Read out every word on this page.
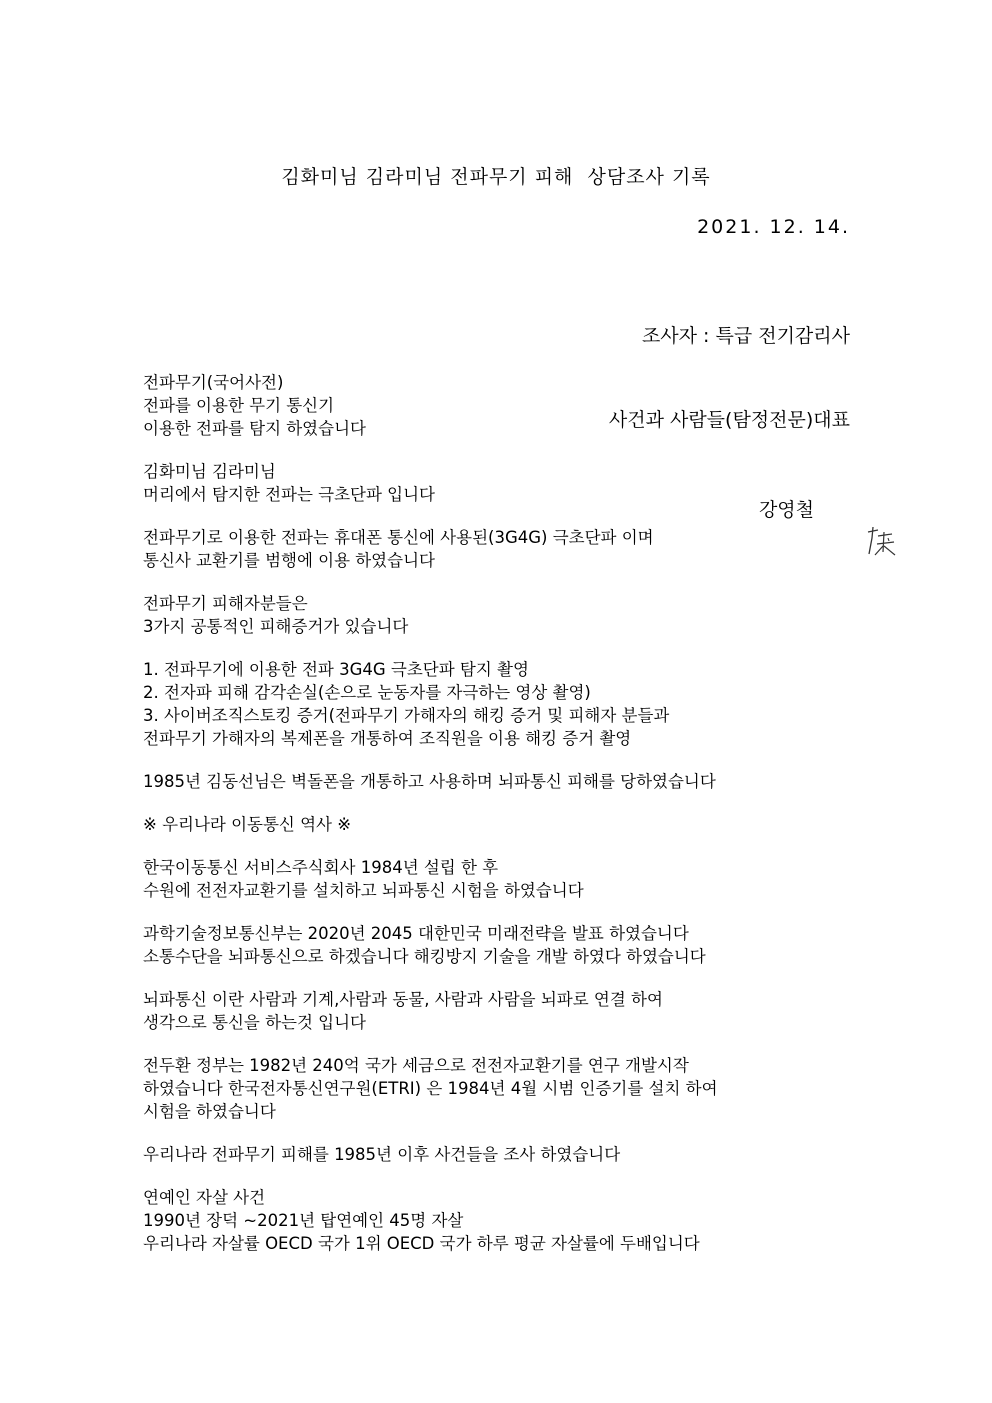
김화미님 김라미님 전파무기 피해  상담조사 기록
2021. 12. 14.

조사자 : 특급 전기감리사

사건과 사람들(탐정전문)대표

강영철

전파무기(국어사전)
전파를 이용한 무기 통신기
이용한 전파를 탐지 하였습니다
김화미님 김라미님
머리에서 탐지한 전파는 극초단파 입니다
전파무기로 이용한 전파는 휴대폰 통신에 사용된(3G4G) 극초단파 이며
통신사 교환기를 범행에 이용 하였습니다
전파무기 피해자분들은
3가지 공통적인 피해증거가 있습니다
1. 전파무기에 이용한 전파 3G4G 극초단파 탐지 촬영
2. 전자파 피해 감각손실(손으로 눈동자를 자극하는 영상 촬영)
3. 사이버조직스토킹 증거(전파무기 가해자의 해킹 증거 및 피해자 분들과
전파무기 가해자의 복제폰을 개통하여 조직원을 이용 해킹 증거 촬영
1985년 김동선님은 벽돌폰을 개통하고 사용하며 뇌파통신 피해를 당하였습니다
※ 우리나라 이동통신 역사 ※
한국이동통신 서비스주식회사 1984년 설립 한 후
수원에 전전자교환기를 설치하고 뇌파통신 시험을 하였습니다
과학기술정보통신부는 2020년 2045 대한민국 미래전략을 발표 하였습니다
소통수단을 뇌파통신으로 하겠습니다 해킹방지 기술을 개발 하였다 하였습니다
뇌파통신 이란 사람과 기계,사람과 동물, 사람과 사람을 뇌파로 연결 하여
생각으로 통신을 하는것 입니다
전두환 정부는 1982년 240억 국가 세금으로 전전자교환기를 연구 개발시작
하였습니다 한국전자통신연구원(ETRI) 은 1984년 4월 시범 인증기를 설치 하여
시험을 하였습니다
우리나라 전파무기 피해를 1985년 이후 사건들을 조사 하였습니다
연예인 자살 사건
1990년 장덕 ~2021년 탑연예인 45명 자살
우리나라 자살률 OECD 국가 1위 OECD 국가 하루 평균 자살률에 두배입니다
